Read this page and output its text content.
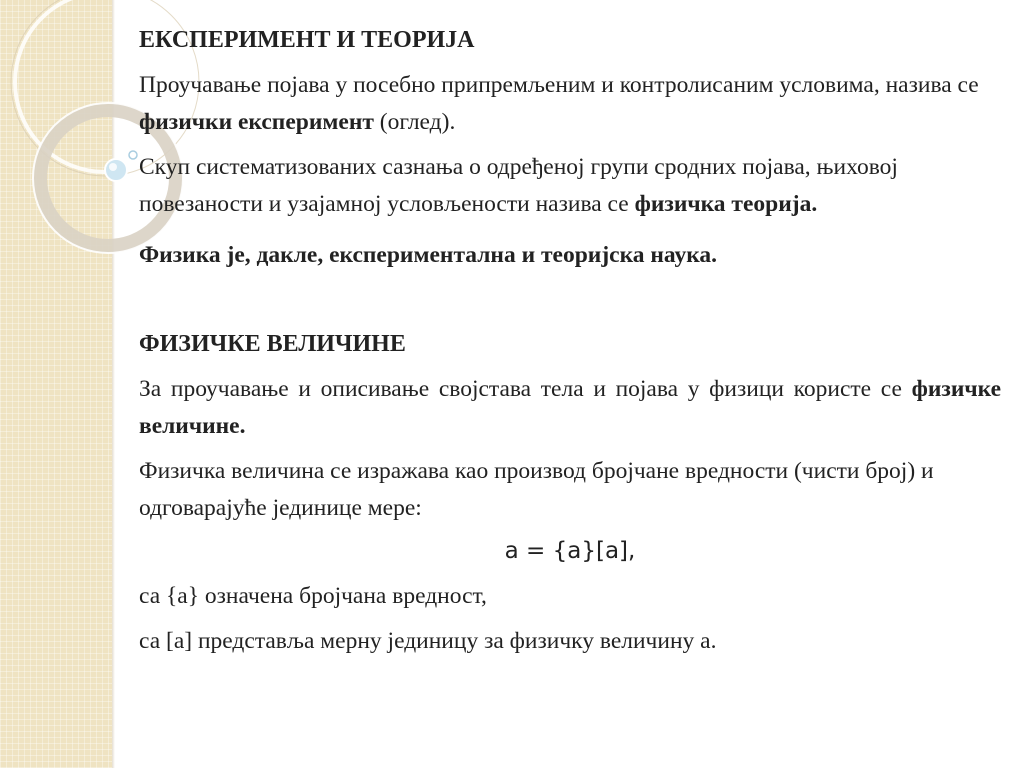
ЕКСПЕРИМЕНТ И ТЕОРИЈА

Проучавање појава у посебно припремљеним и контролисаним условима, назива се физички експеримент (оглед).

Скуп систематизованих сазнања о одређеној групи сродних појава, њиховој повезаности и узајамној условљености назива се физичка теорија.

Физика је, дакле, експериментална и теоријска наука.

ФИЗИЧКЕ ВЕЛИЧИНЕ

За проучавање и описивање својстава тела и појава у физици користе се физичке величине.

Физичка величина се изражава као производ бројчане вредности (чисти број) и одговарајуће јединице мере:

a = {a}[a],

са {a} означена бројчана вредност,

са [a] представља мерну јединицу за физичку величину a.
